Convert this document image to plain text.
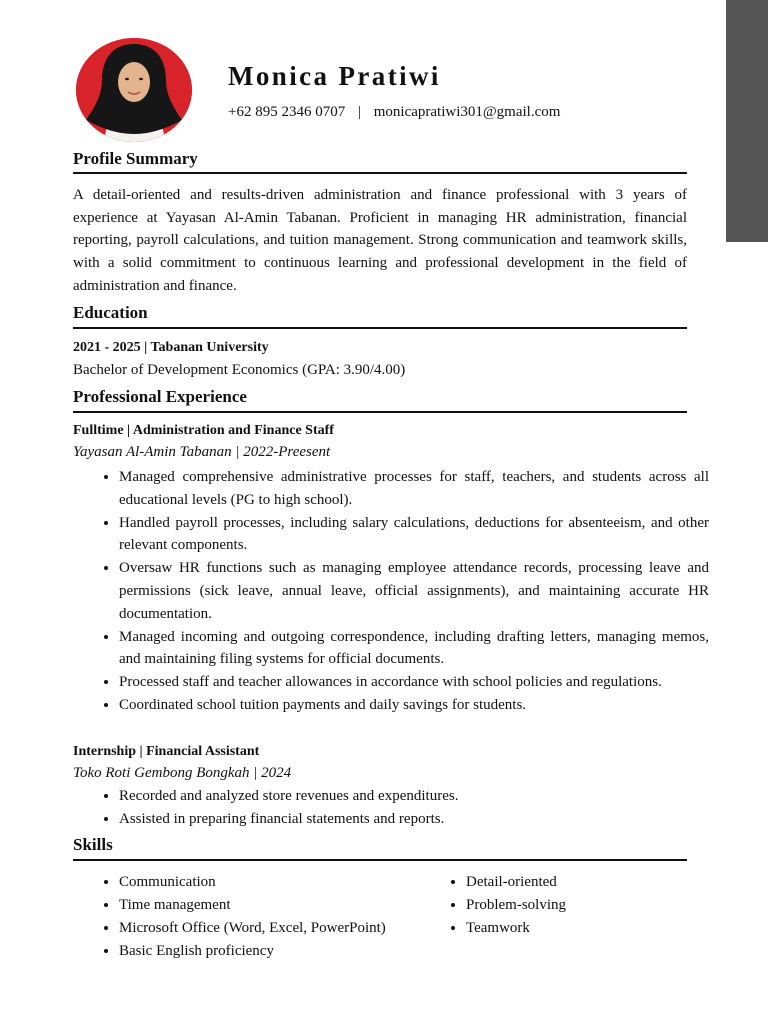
Monica Pratiwi
+62 895 2346 0707 | monicapratiwi301@gmail.com
Profile Summary

A detail-oriented and results-driven administration and finance professional with 3 years of experience at Yayasan Al-Amin Tabanan. Proficient in managing HR administration, financial reporting, payroll calculations, and tuition management. Strong communication and teamwork skills, with a solid commitment to continuous learning and professional development in the field of administration and finance.

Education
2021 - 2025 | Tabanan University
Bachelor of Development Economics (GPA: 3.90/4.00)
Professional Experience
Fulltime | Administration and Finance Staff
Yayasan Al-Amin Tabanan | 2022-Preesent
• Managed comprehensive administrative processes for staff, teachers, and students across all educational levels (PG to high school).
• Handled payroll processes, including salary calculations, deductions for absenteeism, and other relevant components.
• Oversaw HR functions such as managing employee attendance records, processing leave and permissions (sick leave, annual leave, official assignments), and maintaining accurate HR documentation.
• Managed incoming and outgoing correspondence, including drafting letters, managing memos, and maintaining filing systems for official documents.
• Processed staff and teacher allowances in accordance with school policies and regulations.
• Coordinated school tuition payments and daily savings for students.
Internship | Financial Assistant
Toko Roti Gembong Bongkah | 2024
• Recorded and analyzed store revenues and expenditures.
• Assisted in preparing financial statements and reports.
Skills
• Communication
• Time management
• Microsoft Office (Word, Excel, PowerPoint)
• Basic English proficiency
• Detail-oriented
• Problem-solving
• Teamwork
